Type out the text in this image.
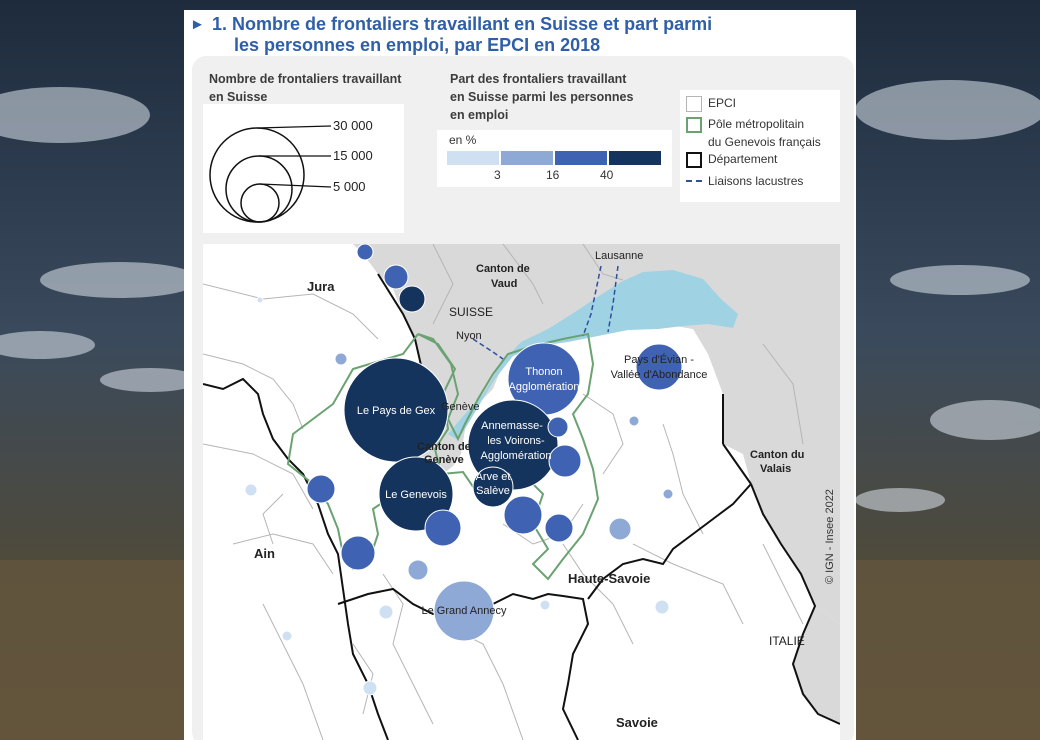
► 1. Nombre de frontaliers travaillant en Suisse et part parmi
les personnes en emploi, par EPCI en 2018
Nombre de frontaliers travaillant
en Suisse
30 000
15 000
5 000
Part des frontaliers travaillant
en Suisse parmi les personnes
en emploi
en %
3	16	40
EPCI
Pôle métropolitain
du Genevois français
Département
Liaisons lacustres
Jura
Canton de
Vaud
SUISSE
Lausanne
Nyon
Genève
Canton de
Genève	Canton du
Valais
Ain
Haute-Savoie
ITALIE
Savoie
© IGN - Insee 2022
Le Pays de Gex
Le Genevois
Thonon
Agglomération
Annemasse-
les Voirons-
Agglomération
Arve et
Salève
Pays d'Évian -
Vallée d'Abondance
Le Grand Annecy
